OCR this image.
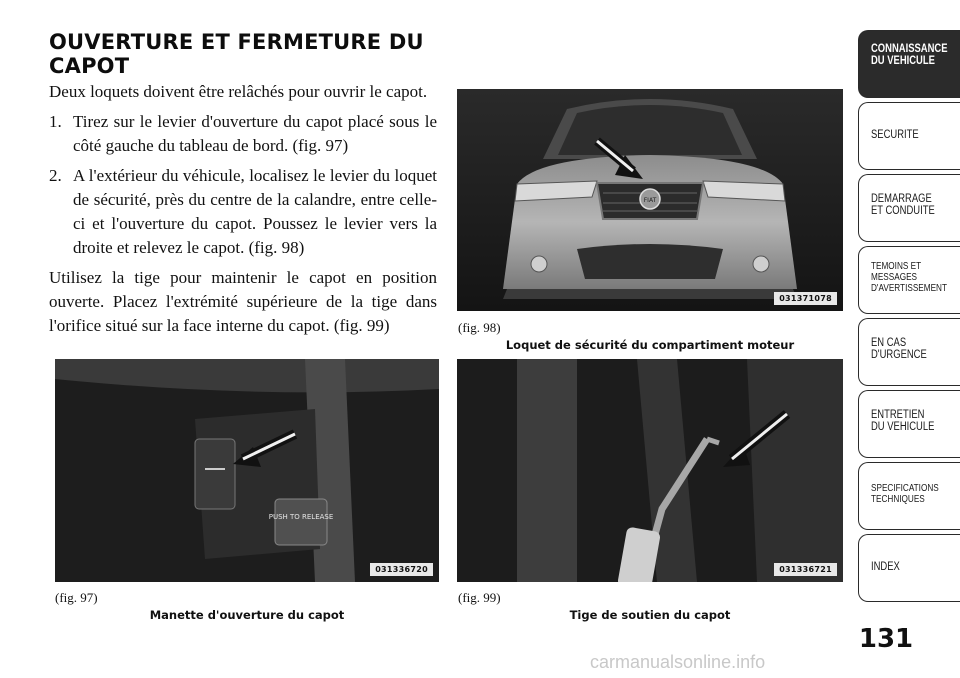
OUVERTURE ET FERMETURE DU
CAPOT

Deux loquets doivent être relâchés pour ouvrir le capot.

1. Tirez sur le levier d'ouverture du capot placé sous le côté gauche du tableau de bord. (fig. 97)
2. A l'extérieur du véhicule, localisez le levier du loquet de sécurité, près du centre de la calandre, entre celle-ci et l'ouverture du capot. Poussez le levier vers la droite et relevez le capot. (fig. 98)

Utilisez la tige pour maintenir le capot en position ouverte. Placez l'extrémité supérieure de la tige dans l'orifice situé sur la face interne du capot. (fig. 99)

FIAT
031371078
(fig. 98)
Loquet de sécurité du compartiment moteur
PUSH TO RELEASE
031336720
(fig. 97)
Manette d'ouverture du capot
031336721
(fig. 99)
Tige de soutien du capot
CONNAISSANCE
DU VEHICULE
SECURITE
DEMARRAGE
ET CONDUITE
TEMOINS ET
MESSAGES
D'AVERTISSEMENT
EN CAS
D'URGENCE
ENTRETIEN
DU VEHICULE
SPECIFICATIONS
TECHNIQUES
INDEX
131
carmanualsonline.info
